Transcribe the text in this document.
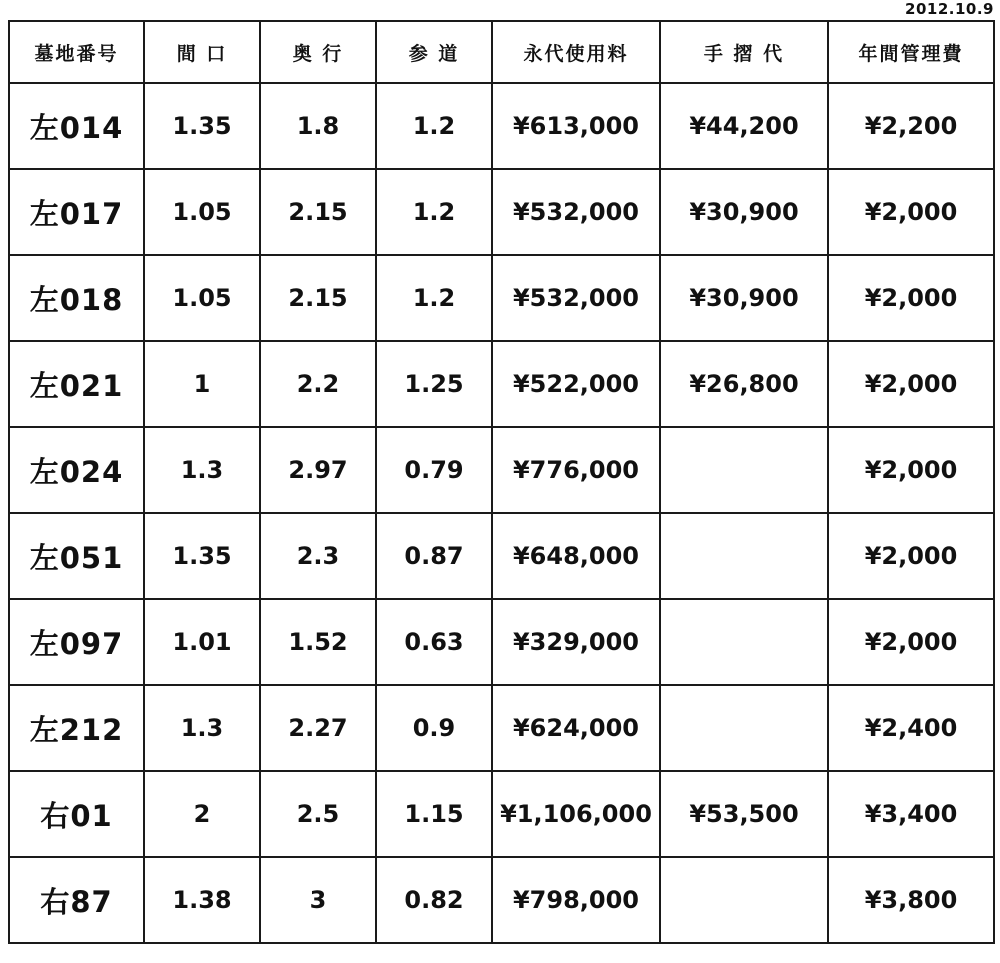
2012.10.9
墓地番号	間 口	奥 行	参 道	永代使用料	手 摺 代	年間管理費
左014	1.35	1.8	1.2	¥613,000	¥44,200	¥2,200
左017	1.05	2.15	1.2	¥532,000	¥30,900	¥2,000
左018	1.05	2.15	1.2	¥532,000	¥30,900	¥2,000
左021	1	2.2	1.25	¥522,000	¥26,800	¥2,000
左024	1.3	2.97	0.79	¥776,000		¥2,000
左051	1.35	2.3	0.87	¥648,000		¥2,000
左097	1.01	1.52	0.63	¥329,000		¥2,000
左212	1.3	2.27	0.9	¥624,000		¥2,400
右01	2	2.5	1.15	¥1,106,000	¥53,500	¥3,400
右87	1.38	3	0.82	¥798,000		¥3,800
